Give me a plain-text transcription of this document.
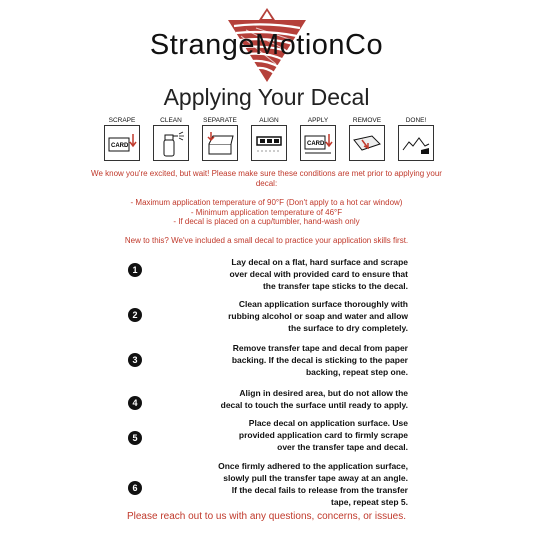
StrangeMotionCo
Applying Your Decal
SCRAPE
CARD
CLEAN	SEPARATE	ALIGN	APPLY
CARD
REMOVE	DONE!
We know you're excited, but wait! Please make sure these conditions are met prior to applying your decal:
- Maximum application temperature of 90°F (Don't apply to a hot car window)
- Minimum application temperature of 46°F
- If decal is placed on a cup/tumbler, hand-wash only
New to this? We've included a small decal to practice your application skills first.
1
Lay decal on a flat, hard surface and scrape
over decal with provided card to ensure that
the transfer tape sticks to the decal.
2
Clean application surface thoroughly with
rubbing alcohol or soap and water and allow
the surface to dry completely.
3
Remove transfer tape and decal from paper
backing. If the decal is sticking to the paper
backing, repeat step one.
4
Align in desired area, but do not allow the
decal to touch the surface until ready to apply.
5
Place decal on application surface. Use
provided application card to firmly scrape
over the transfer tape and decal.
6
Once firmly adhered to the application surface,
slowly pull the transfer tape away at an angle.
If the decal fails to release from the transfer
tape, repeat step 5.
Please reach out to us with any questions, concerns, or issues.
